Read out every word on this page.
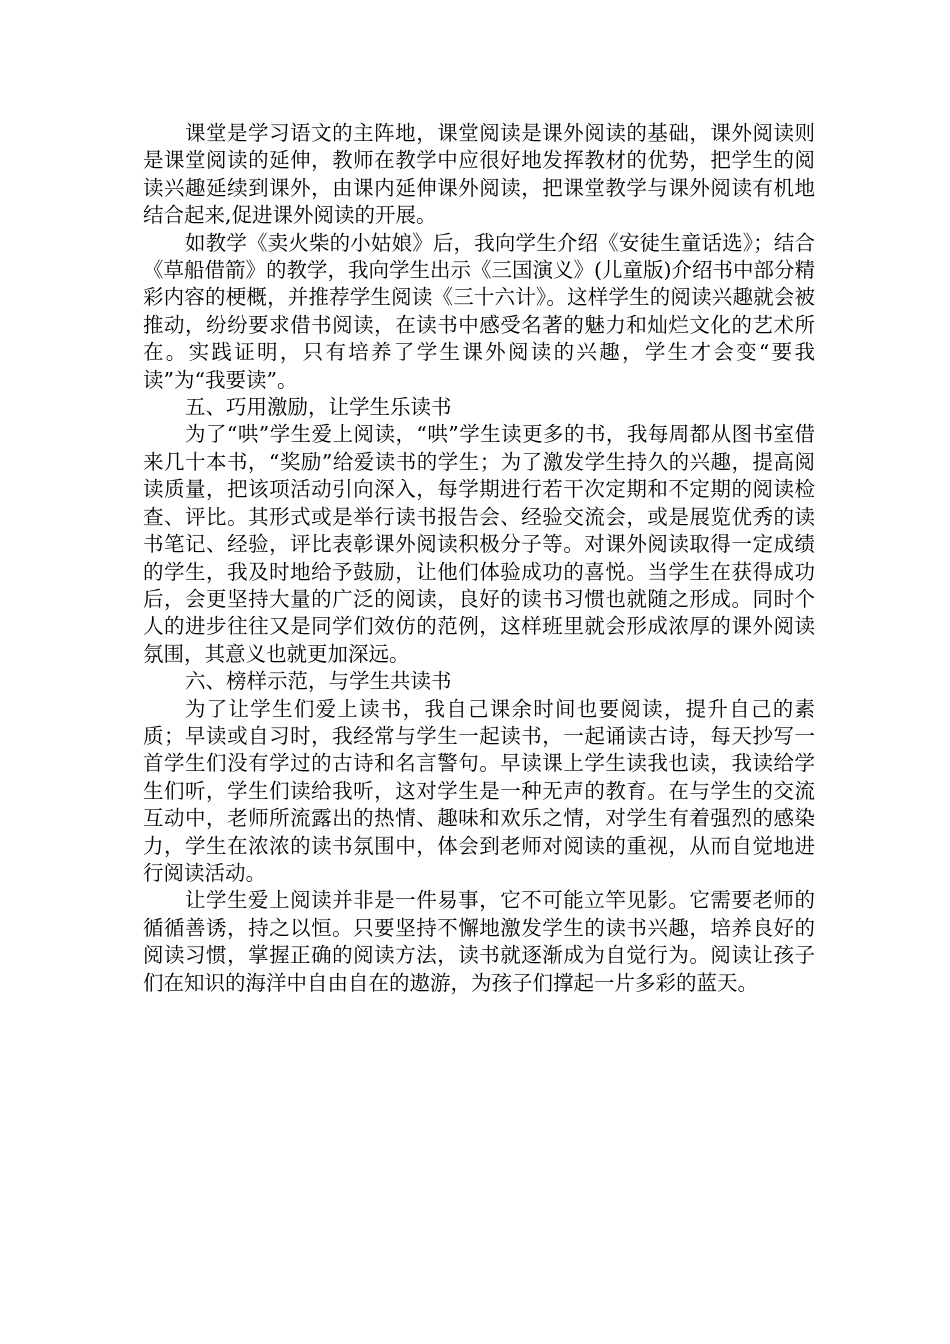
课堂是学习语文的主阵地，课堂阅读是课外阅读的基础，课外阅读则是课堂阅读的延伸，教师在教学中应很好地发挥教材的优势，把学生的阅读兴趣延续到课外，由课内延伸课外阅读，把课堂教学与课外阅读有机地结合起来,促进课外阅读的开展。

如教学《卖火柴的小姑娘》后，我向学生介绍《安徒生童话选》；结合《草船借箭》的教学，我向学生出示《三国演义》(儿童版)介绍书中部分精彩内容的梗概，并推荐学生阅读《三十六计》。这样学生的阅读兴趣就会被推动，纷纷要求借书阅读，在读书中感受名著的魅力和灿烂文化的艺术所在。实践证明，只有培养了学生课外阅读的兴趣，学生才会变“要我读”为“我要读”。

五、巧用激励，让学生乐读书

为了“哄”学生爱上阅读，“哄”学生读更多的书，我每周都从图书室借来几十本书，“奖励”给爱读书的学生；为了激发学生持久的兴趣，提高阅读质量，把该项活动引向深入，每学期进行若干次定期和不定期的阅读检查、评比。其形式或是举行读书报告会、经验交流会，或是展览优秀的读书笔记、经验，评比表彰课外阅读积极分子等。对课外阅读取得一定成绩的学生，我及时地给予鼓励，让他们体验成功的喜悦。当学生在获得成功后，会更坚持大量的广泛的阅读，良好的读书习惯也就随之形成。同时个人的进步往往又是同学们效仿的范例，这样班里就会形成浓厚的课外阅读氛围，其意义也就更加深远。

六、榜样示范，与学生共读书

为了让学生们爱上读书，我自己课余时间也要阅读，提升自己的素质；早读或自习时，我经常与学生一起读书，一起诵读古诗，每天抄写一首学生们没有学过的古诗和名言警句。早读课上学生读我也读，我读给学生们听，学生们读给我听，这对学生是一种无声的教育。在与学生的交流互动中，老师所流露出的热情、趣味和欢乐之情，对学生有着强烈的感染力，学生在浓浓的读书氛围中，体会到老师对阅读的重视，从而自觉地进行阅读活动。

让学生爱上阅读并非是一件易事，它不可能立竿见影。它需要老师的循循善诱，持之以恒。只要坚持不懈地激发学生的读书兴趣，培养良好的阅读习惯，掌握正确的阅读方法，读书就逐渐成为自觉行为。阅读让孩子们在知识的海洋中自由自在的遨游，为孩子们撑起一片多彩的蓝天。
